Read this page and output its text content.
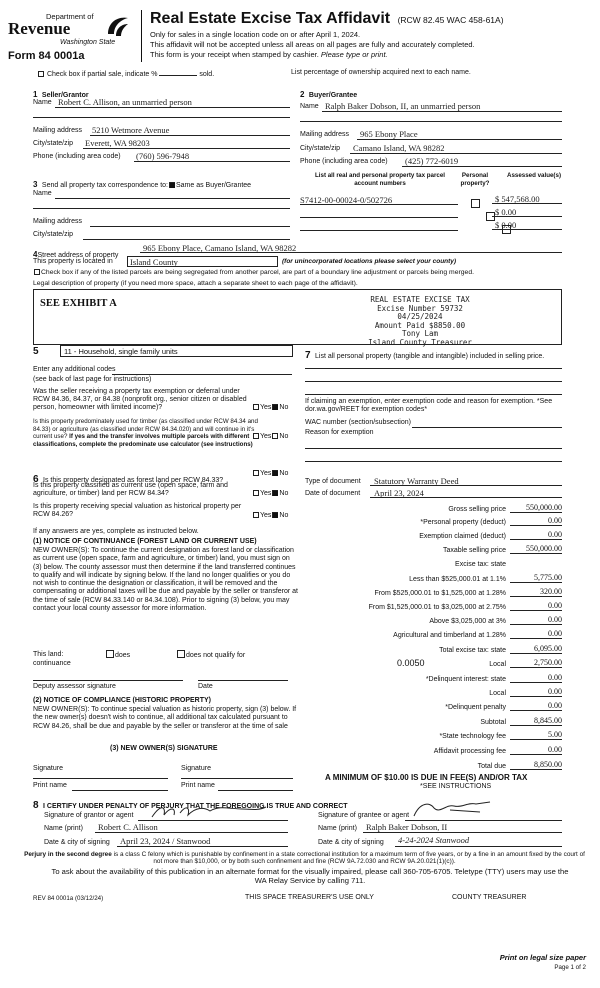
Department of
Revenue
Washington State
Form 84 0001a
Real Estate Excise Tax Affidavit (RCW 82.45 WAC 458-61A)
Only for sales in a single location code on or after April 1, 2024.
This affidavit will not be accepted unless all areas on all pages are fully and accurately completed.
This form is your receipt when stamped by cashier. Please type or print.
Check box if partial sale, indicate %	sold.	List percentage of ownership acquired next to each name.
1 Seller/Grantor
Name Robert C. Allison, an unmarried person
Mailing address 5210 Wetmore Avenue
City/state/zip Everett, WA 98203
Phone (including area code) (760) 596-7948
2 Buyer/Grantee
Name Ralph Baker Dobson, II, an unmarried person
Mailing address 965 Ebony Place
City/state/zip Camano Island, WA 98282
Phone (including area code) (425) 772-6019
3 Send all property tax correspondence to: Same as Buyer/Grantee
Name
Mailing address
City/state/zip
List all real and personal property tax parcel account numbers
Personal property?
Assessed value(s)
S7412-00-00024-0/502726
	$ 547,568.00
$ 0.00
$ 0.00
4Street address of property
965 Ebony Place, Camano Island, WA 98282
This property is located in Island County	(for unincorporated locations please select your county)
Check box if any of the listed parcels are being segregated from another parcel, are part of a boundary line adjustment or parcels being merged.
Legal description of property (if you need more space, attach a separate sheet to each page of the affidavit).
SEE EXHIBIT A	REAL ESTATE EXCISE TAX
Excise Number 59732
04/25/2024
Amount Paid $8850.00
Tony Lam
Island County Treasurer
5	11 - Household, single family units
Enter any additional codes
(see back of last page for instructions)
Was the seller receiving a property tax exemption or deferral under RCW 84.36, 84.37, or 84.38 (nonprofit org., senior citizen or disabled person, homeowner with limited income)?	Yes No
Is this property predominately used for timber (as classified under RCW 84.34 and 84.33) or agriculture (as classified under RCW 84.34.020) and will continue in it's current use? If yes and the transfer involves multiple parcels with different classifications, complete the predominate use calculator (see instructions)
Yes No
7 List all personal property (tangible and intangible) included in selling price.
If claiming an exemption, enter exemption code and reason for exemption. *See dor.wa.gov/REET for exemption codes*
WAC number (section/subsection)
Reason for exemption
Type of document Statutory Warranty Deed
Date of document April 23, 2024
Gross selling price	550,000.00
*Personal property (deduct)	0.00
Exemption claimed (deduct)	0.00
Taxable selling price	550,000.00
Excise tax: state
Less than $525,000.01 at 1.1%	5,775.00
From $525,000.01 to $1,525,000 at 1.28%	320.00
From $1,525,000.01 to $3,025,000 at 2.75%	0.00
Above $3,025,000 at 3%	0.00
Agricultural and timberland at 1.28%	0.00
Total excise tax: state	6,095.00
0.0050	Local	2,750.00
*Delinquent interest: state	0.00
Local	0.00
*Delinquent penalty	0.00
Subtotal	8,845.00
*State technology fee	5.00
Affidavit processing fee	0.00
Total due	8,850.00
A MINIMUM OF $10.00 IS DUE IN FEE(S) AND/OR TAX
*SEE INSTRUCTIONS
6 Is this property designated as forest land per RCW 84.33?
Yes No
Is this property classified as current use (open space, farm and agriculture, or timber) land per RCW 84.34?	Yes No
Is this property receiving special valuation as historical property per RCW 84.26?	Yes No
If any answers are yes, complete as instructed below.
(1) NOTICE OF CONTINUANCE (FOREST LAND OR CURRENT USE)
NEW OWNER(S): To continue the current designation as forest land or classification as current use (open space, farm and agriculture, or timber) land, you must sign on (3) below. The county assessor must then determine if the land transferred continues to qualify and will indicate by signing below. If the land no longer qualifies or you do not wish to continue the designation or classification, it will be removed and the compensating or additional taxes will be due and payable by the seller or transferor at the time of sale (RCW 84.33.140 or 84.34.108). Prior to signing (3) below, you may contact your local county assessor for more information.
This land:	does	does not qualify for
continuance
Deputy assessor signature	Date
(2) NOTICE OF COMPLIANCE (HISTORIC PROPERTY)
NEW OWNER(S): To continue special valuation as historic property, sign (3) below. If the new owner(s) doesn't wish to continue, all additional tax calculated pursuant to RCW 84.26, shall be due and payable by the seller or transferor at the time of sale
(3) NEW OWNER(S) SIGNATURE
Signature	Signature
Print name	Print name
8 I CERTIFY UNDER PENALTY OF PERJURY THAT THE FOREGOING IS TRUE AND CORRECT
Signature of grantor or agent
Name (print) Robert C. Allison
Date & city of signing April 23, 2024 / Stanwood
Signature of grantee or agent
Name (print) Ralph Baker Dobson, II
Date & city of signing 4-24-2024 Stanwood
Perjury in the second degree is a class C felony which is punishable by confinement in a state correctional institution for a maximum term of five years, or by a fine in an amount fixed by the court of not more than $10,000, or by both such confinement and fine (RCW 9A.72.030 and RCW 9A.20.021(1)(c)).
To ask about the availability of this publication in an alternate format for the visually impaired, please call 360-705-6705. Teletype (TTY) users may use the WA Relay Service by calling 711.
REV 84 0001a (03/12/24)	THIS SPACE TREASURER'S USE ONLY	COUNTY TREASURER
Print on legal size paper
Page 1 of 2
